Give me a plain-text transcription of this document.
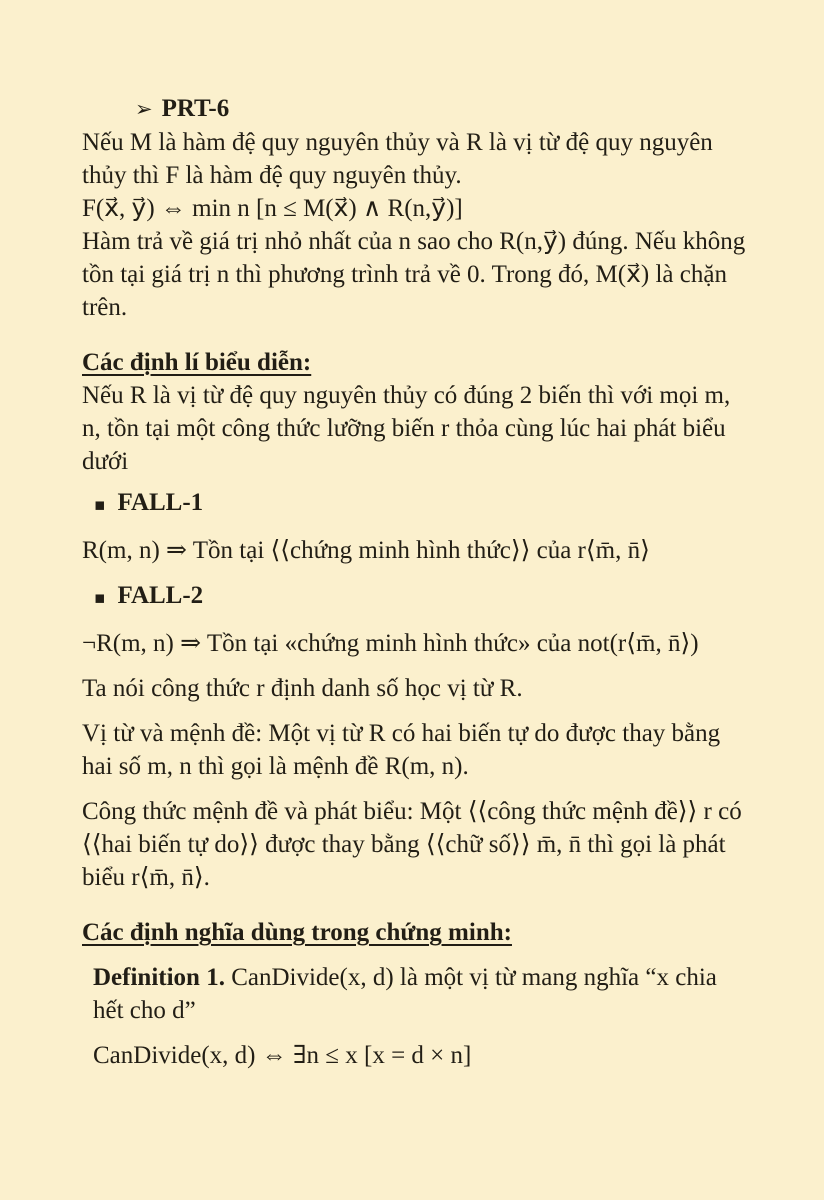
➢ PRT-6

Nếu M là hàm đệ quy nguyên thủy và R là vị từ đệ quy nguyên thủy thì F là hàm đệ quy nguyên thủy.

F(x⃗, y⃗) ⇔ min n [n ≤ M(x⃗) ∧ R(n,y⃗)]

Hàm trả về giá trị nhỏ nhất của n sao cho R(n,y⃗) đúng. Nếu không tồn tại giá trị n thì phương trình trả về 0. Trong đó, M(x⃗) là chặn trên.

Các định lí biểu diễn:

Nếu R là vị từ đệ quy nguyên thủy có đúng 2 biến thì với mọi m, n, tồn tại một công thức lưỡng biến r thỏa cùng lúc hai phát biểu dưới

▪ FALL-1

R(m, n) ⇒ Tồn tại ⟨⟨chứng minh hình thức⟩⟩ của r⟨m̄, n̄⟩

▪ FALL-2

¬R(m, n) ⇒ Tồn tại «chứng minh hình thức» của not(r⟨m̄, n̄⟩)

Ta nói công thức r định danh số học vị từ R.

Vị từ và mệnh đề: Một vị từ R có hai biến tự do được thay bằng hai số m, n thì gọi là mệnh đề R(m, n).

Công thức mệnh đề và phát biểu: Một ⟨⟨công thức mệnh đề⟩⟩ r có ⟨⟨hai biến tự do⟩⟩ được thay bằng ⟨⟨chữ số⟩⟩ m̄, n̄ thì gọi là phát biểu r⟨m̄, n̄⟩.

Các định nghĩa dùng trong chứng minh:

Definition 1. CanDivide(x, d) là một vị từ mang nghĩa “x chia hết cho d”

CanDivide(x, d) ⇔ ∃n ≤ x [x = d × n]
